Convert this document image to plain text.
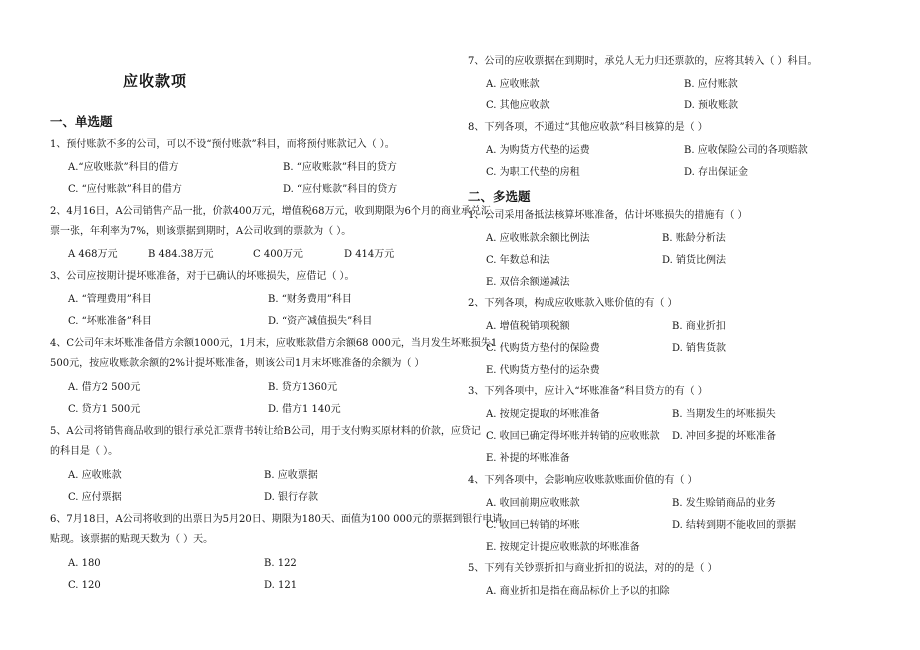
应收款项
一、单选题
1、预付账款不多的公司，可以不设“预付账款”科目，而将预付账款记入（ ）。
A.“应收账款”科目的借方	B. “应收账款”科目的贷方
C. “应付账款”科目的借方	D. “应付账款”科目的贷方
2、4月16日，A公司销售产品一批，价款400万元，增值税68万元，收到期限为6个月的商业承兑汇
票一张，年利率为7%，则该票据到期时，A公司收到的票款为（ ）。
A 468万元	B 484.38万元	C 400万元	D 414万元
3、公司应按期计提坏账准备，对于已确认的坏账损失，应借记（ ）。
A. “管理费用”科目	B. “财务费用”科目
C. “坏账准备”科目	D. “资产减值损失”科目
4、C公司年末坏账准备借方余额1000元，1月末，应收账款借方余额68 000元，当月发生坏账损失1
500元，按应收账款余额的2%计提坏账准备，则该公司1月末坏账准备的余额为（ ）
A. 借方2 500元	B. 贷方1360元
C. 贷方1 500元	D. 借方1 140元
5、A公司将销售商品收到的银行承兑汇票背书转让给B公司，用于支付购买原材料的价款，应贷记
的科目是（ ）。
A. 应收账款	B. 应收票据
C. 应付票据	D. 银行存款
6、7月18日，A公司将收到的出票日为5月20日、期限为180天、面值为100 000元的票据到银行申请
贴现。该票据的贴现天数为（ ）天。
A. 180	B. 122
C. 120	D. 121
7、公司的应收票据在到期时，承兑人无力归还票款的，应将其转入（ ）科目。
A. 应收账款	B. 应付账款
C. 其他应收款	D. 预收账款
8、下列各项，不通过“其他应收款”科目核算的是（ ）
A. 为购货方代垫的运费	B. 应收保险公司的各项赔款
C. 为职工代垫的房租	D. 存出保证金
二、多选题
1、公司采用备抵法核算坏账准备，估计坏账损失的措施有（ ）
A. 应收账款余额比例法	B. 账龄分析法
C. 年数总和法	D. 销货比例法
E. 双倍余额递减法
2、下列各项，构成应收账款入账价值的有（ ）
A. 增值税销项税额	B. 商业折扣
C. 代购货方垫付的保险费	D. 销售货款
E. 代购货方垫付的运杂费
3、下列各项中，应计入“坏账准备”科目贷方的有（ ）
A. 按规定提取的坏账准备	B. 当期发生的坏账损失
C. 收回已确定得坏账并转销的应收账款 D. 冲回多提的坏账准备
E. 补提的坏账准备
4、下列各项中，会影响应收账款账面价值的有（ ）
A. 收回前期应收账款	B. 发生赊销商品的业务
C. 收回已转销的坏账	D. 结转到期不能收回的票据
E. 按规定计提应收账款的坏账准备
5、下列有关钞票折扣与商业折扣的说法，对的的是（ ）
A. 商业折扣是指在商品标价上予以的扣除
